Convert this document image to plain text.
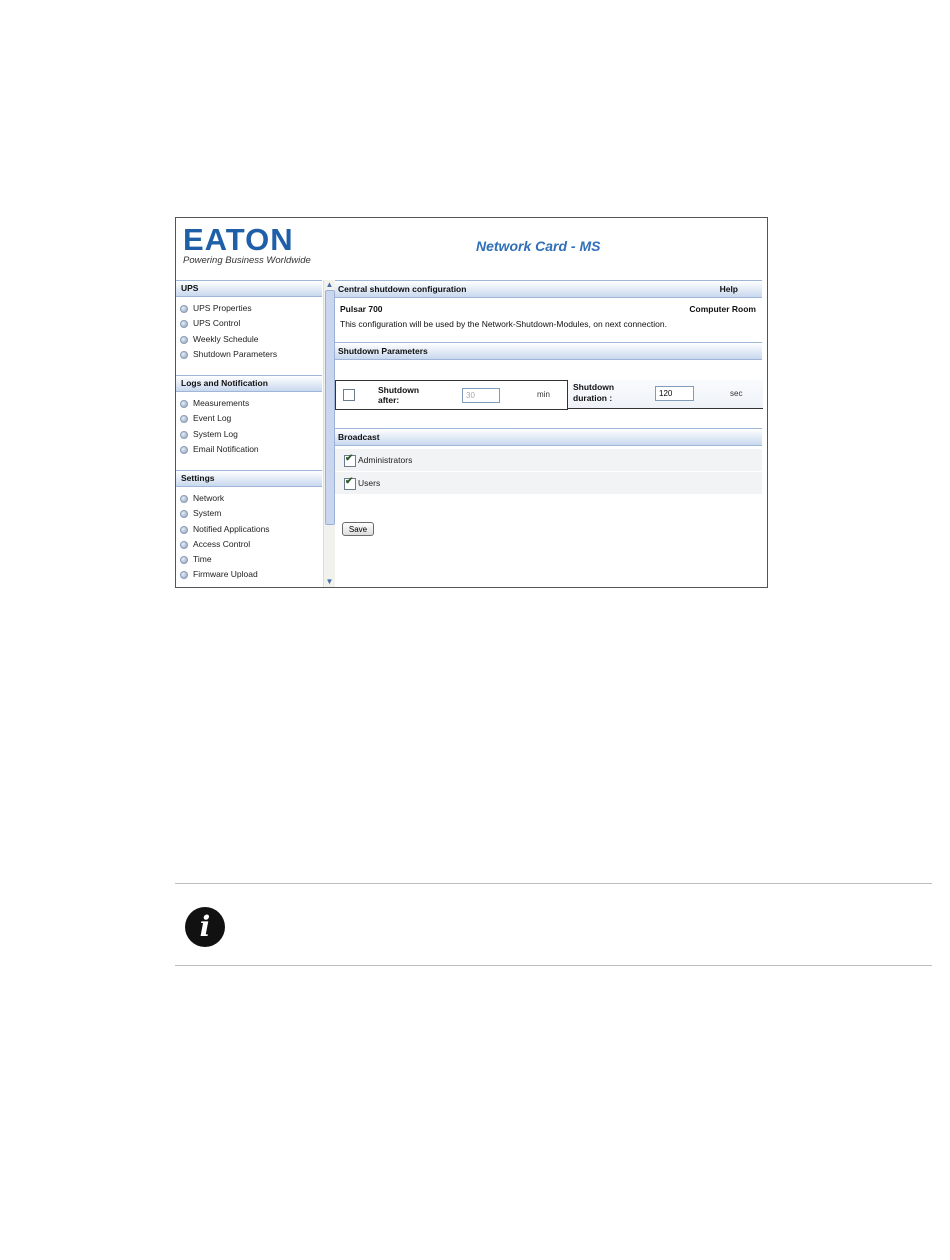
EATON
Powering Business Worldwide
Network Card - MS
UPS
UPS Properties
UPS Control
Weekly Schedule
Shutdown Parameters
Logs and Notification
Measurements
Event Log
System Log
Email Notification
Settings
Network
System
Notified Applications
Access Control
Time
Firmware Upload
▲
▼
Central shutdown configuration	Help
Pulsar 700	Computer Room
This configuration will be used by the Network-Shutdown-Modules, on next connection.
Shutdown Parameters
Shutdown
after:	30	min
Shutdown
duration :	120	sec
Broadcast
✔
Administrators
✔
Users
Save
i
